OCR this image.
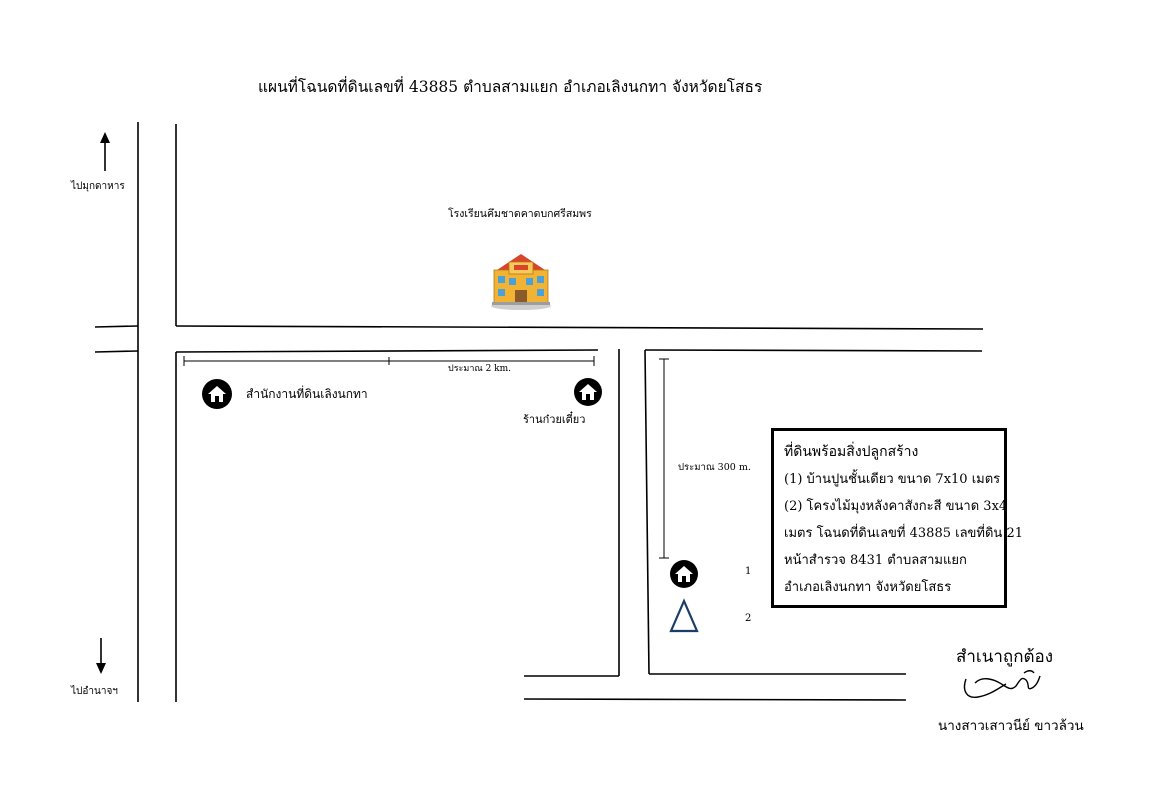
แผนที่โฉนดที่ดินเลขที่ 43885 ตำบลสามแยก อำเภอเลิงนกทา จังหวัดยโสธร
ไปมุกดาหาร
ไปอำนาจฯ
โรงเรียนคึมชาดคาดบกศรีสมพร
สำนักงานที่ดินเลิงนกทา
ร้านก๋วยเตี๋ยว
ประมาณ 2 km.
ประมาณ 300 m.
1
2
ที่ดินพร้อมสิ่งปลูกสร้าง
(1) บ้านปูนชั้นเดียว ขนาด 7x10 เมตร
(2) โครงไม้มุงหลังคาสังกะสี ขนาด 3x4
เมตร โฉนดที่ดินเลขที่ 43885 เลขที่ดิน 21
หน้าสำรวจ 8431 ตำบลสามแยก
อำเภอเลิงนกทา จังหวัดยโสธร
สำเนาถูกต้อง
นางสาวเสาวนีย์ ขาวล้วน
